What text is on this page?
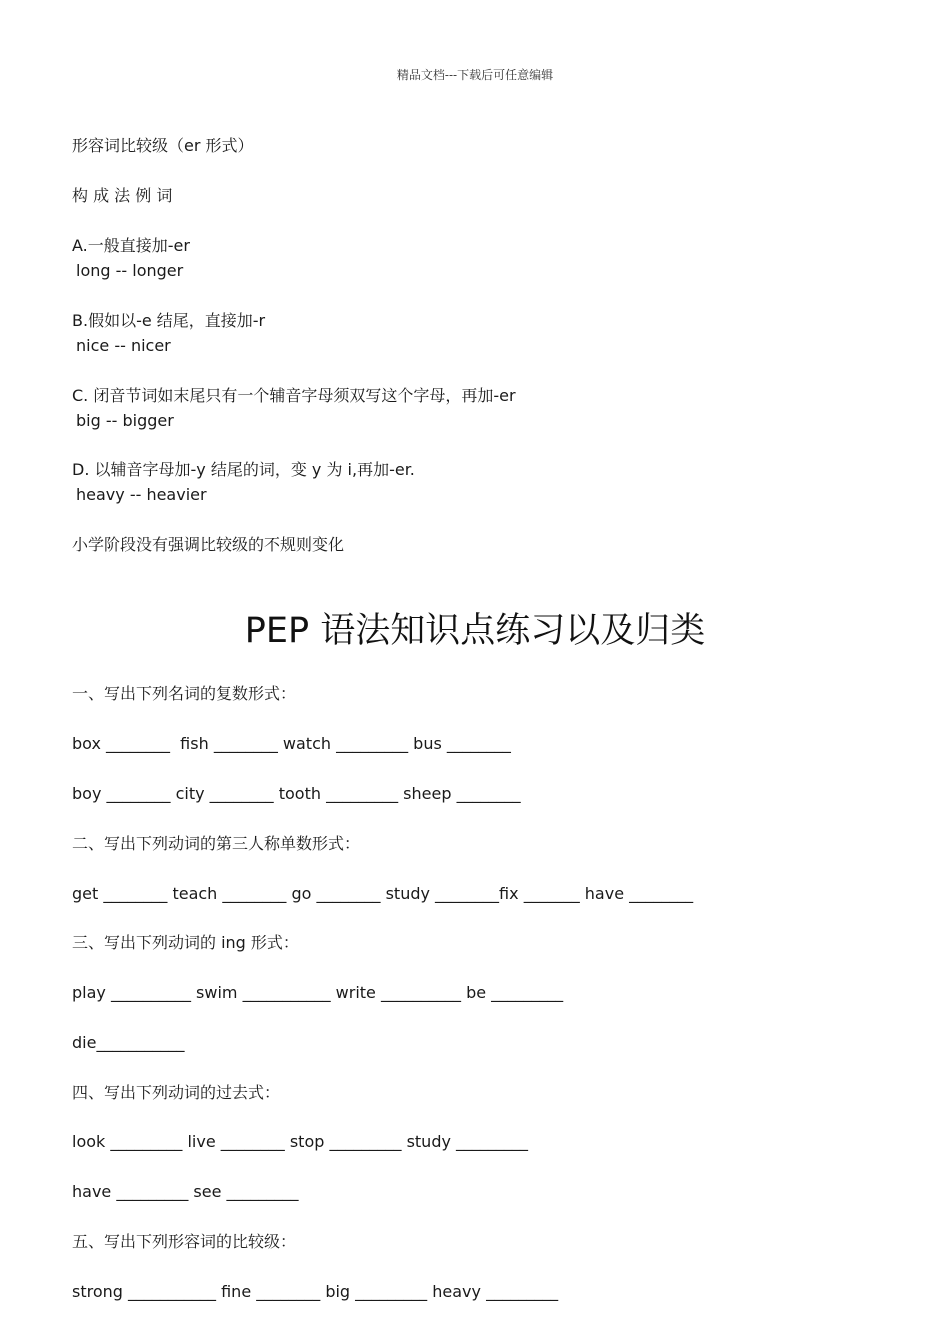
精品文档---下载后可任意编辑
形容词比较级（er 形式）
构 成 法 例 词
A.一般直接加-er
long -- longer
B.假如以-e 结尾，直接加-r
nice -- nicer
C. 闭音节词如末尾只有一个辅音字母须双写这个字母，再加-er
big -- bigger
D. 以辅音字母加-y 结尾的词，变 y 为 i,再加-er.
heavy -- heavier
小学阶段没有强调比较级的不规则变化
PEP 语法知识点练习以及归类
一、写出下列名词的复数形式：
box ________  fish ________ watch _________ bus ________
boy ________ city ________ tooth _________ sheep ________
二、写出下列动词的第三人称单数形式：
get ________ teach ________ go ________ study ________fix _______ have ________
三、写出下列动词的 ing 形式：
play __________ swim ___________ write __________ be _________
die___________
四、写出下列动词的过去式：
look _________ live ________ stop _________ study _________
have _________ see _________
五、写出下列形容词的比较级：
strong ___________ fine ________ big _________ heavy _________
